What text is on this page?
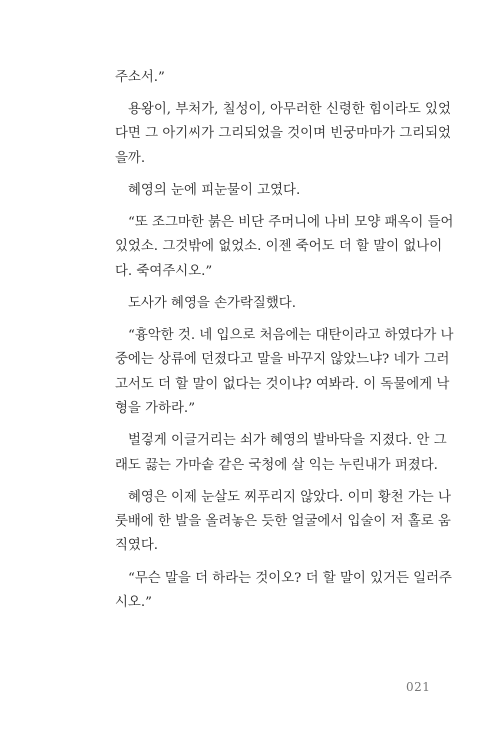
주소서.”
용왕이, 부처가, 칠성이, 아무러한 신령한 힘이라도 있었
다면 그 아기씨가 그리되었을 것이며 빈궁마마가 그리되었
을까.
혜영의 눈에 피눈물이 고였다.
“또 조그마한 붉은 비단 주머니에 나비 모양 패옥이 들어
있었소. 그것밖에 없었소. 이젠 죽어도 더 할 말이 없나이
다. 죽여주시오.”
도사가 혜영을 손가락질했다.
“흉악한 것. 네 입으로 처음에는 대탄이라고 하였다가 나
중에는 상류에 던졌다고 말을 바꾸지 않았느냐? 네가 그러
고서도 더 할 말이 없다는 것이냐? 여봐라. 이 독물에게 낙
형을 가하라.”
벌겋게 이글거리는 쇠가 혜영의 발바닥을 지졌다. 안 그
래도 끓는 가마솥 같은 국청에 살 익는 누린내가 퍼졌다.
혜영은 이제 눈살도 찌푸리지 않았다. 이미 황천 가는 나
룻배에 한 발을 올려놓은 듯한 얼굴에서 입술이 저 홀로 움
직였다.
“무슨 말을 더 하라는 것이오? 더 할 말이 있거든 일러주
시오.”
021
